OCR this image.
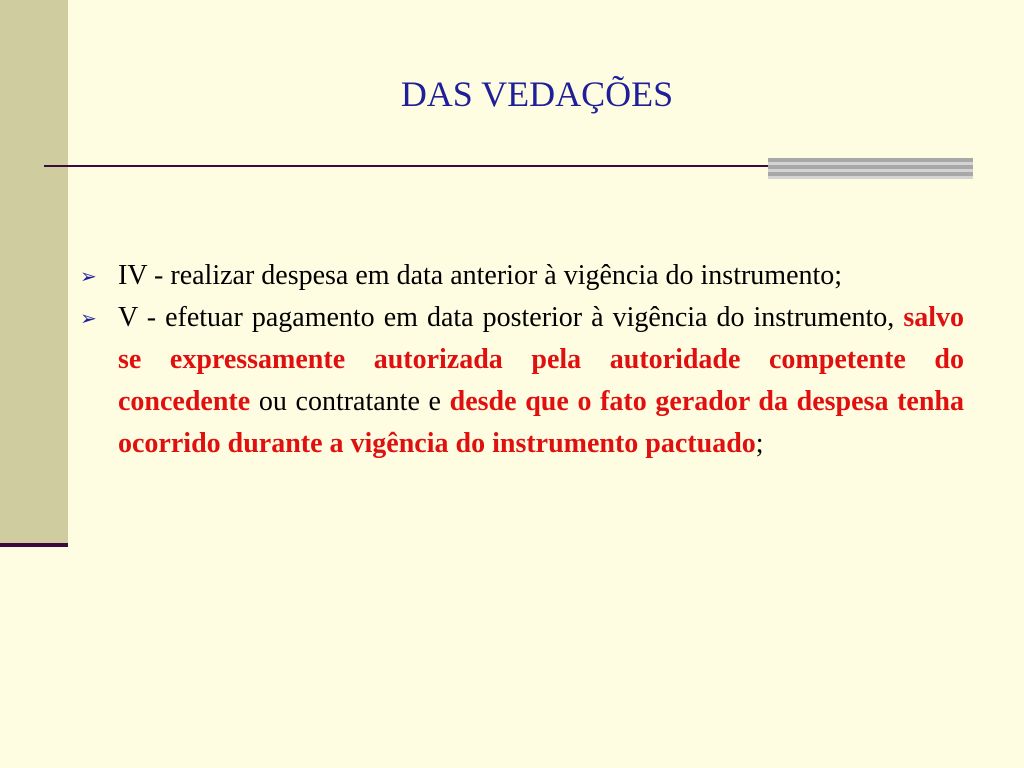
DAS VEDAÇÕES
➢ IV - realizar despesa em data anterior à vigência do instrumento;
➢ V - efetuar pagamento em data posterior à vigência do instrumento, salvo se expressamente autorizada pela autoridade competente do concedente ou contratante e desde que o fato gerador da despesa tenha ocorrido durante a vigência do instrumento pactuado;
